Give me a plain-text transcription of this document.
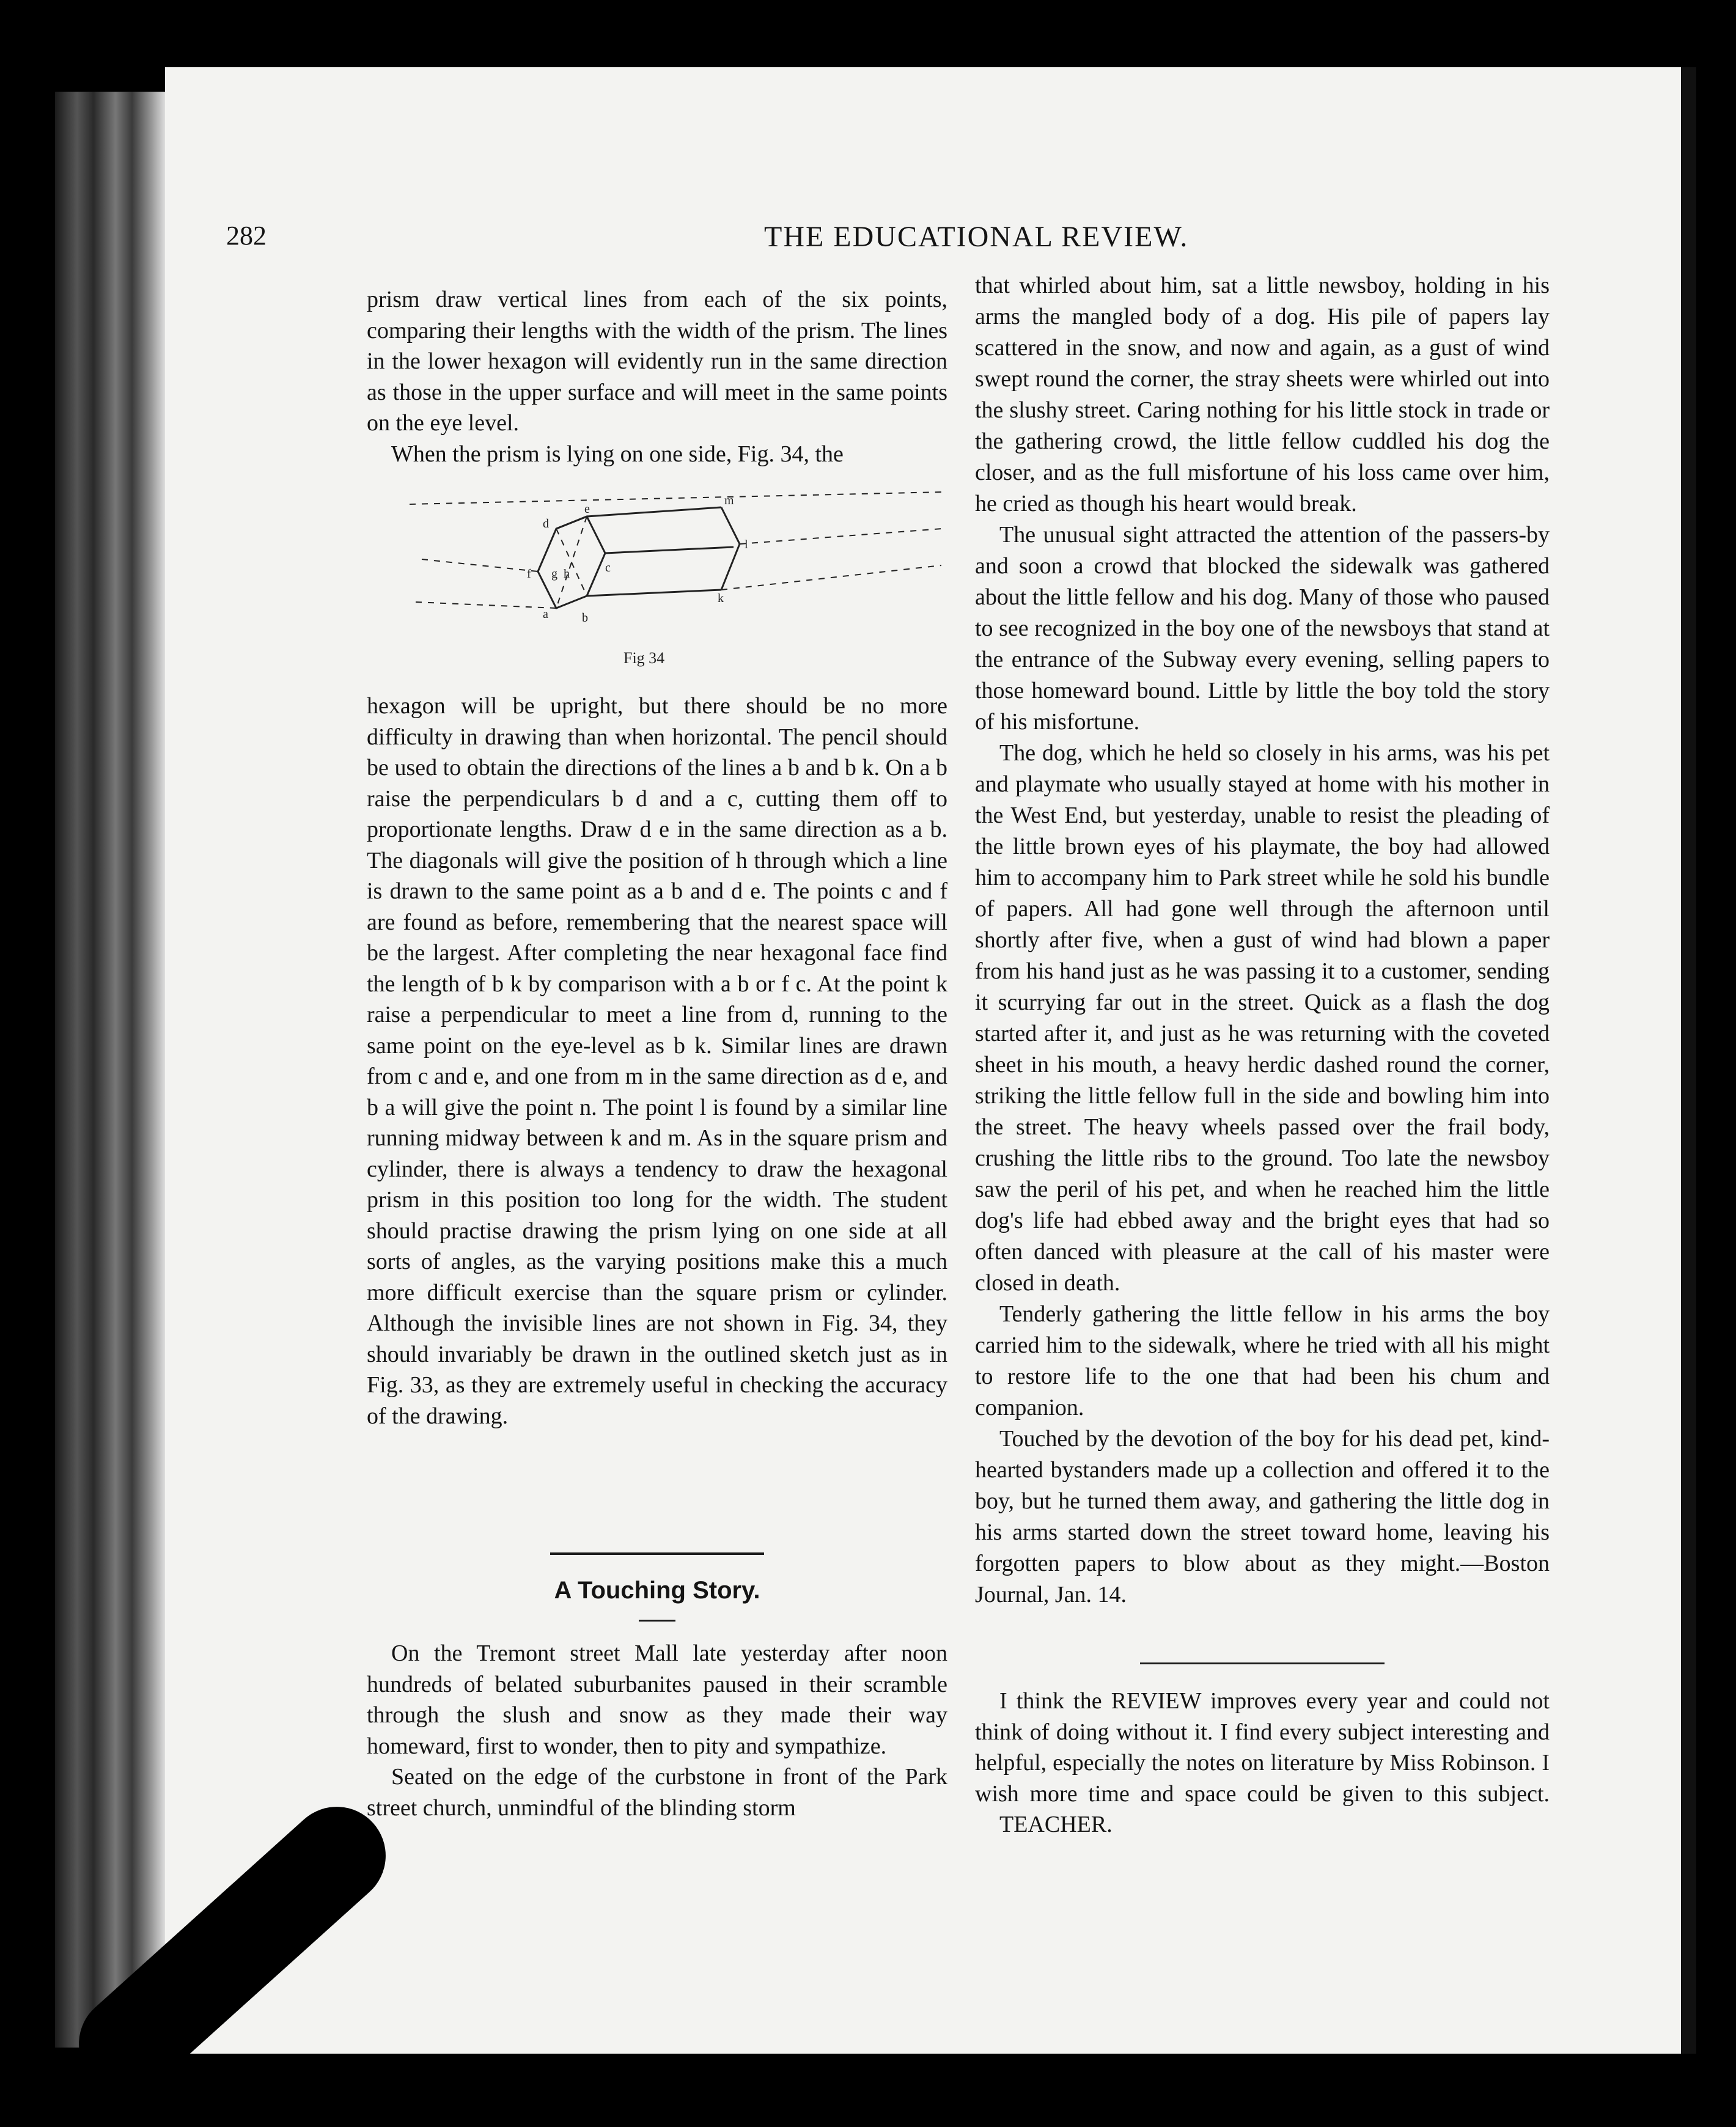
282	THE EDUCATIONAL REVIEW.

prism draw vertical lines from each of the six points, comparing their lengths with the width of the prism. The lines in the lower hexagon will evidently run in the same direction as those in the upper surface and will meet in the same points on the eye level.

When the prism is lying on one side, Fig. 34, the

d
e
f g h	c
a	b
k
l
m
Fig 34

hexagon will be upright, but there should be no more difficulty in drawing than when horizontal. The pencil should be used to obtain the directions of the lines a b and b k. On a b raise the perpendiculars b d and a c, cutting them off to proportionate lengths. Draw d e in the same direction as a b. The diagonals will give the position of h through which a line is drawn to the same point as a b and d e. The points c and f are found as before, remembering that the nearest space will be the largest. After completing the near hexagonal face find the length of b k by comparison with a b or f c. At the point k raise a perpendicular to meet a line from d, running to the same point on the eye-level as b k. Similar lines are drawn from c and e, and one from m in the same direction as d e, and b a will give the point n. The point l is found by a similar line running midway between k and m. As in the square prism and cylinder, there is always a tendency to draw the hexagonal prism in this position too long for the width. The student should practise drawing the prism lying on one side at all sorts of angles, as the varying positions make this a much more difficult exercise than the square prism or cylinder. Although the invisible lines are not shown in Fig. 34, they should invariably be drawn in the outlined sketch just as in Fig. 33, as they are extremely useful in checking the accuracy of the drawing.

A Touching Story.

On the Tremont street Mall late yesterday after noon hundreds of belated suburbanites paused in their scramble through the slush and snow as they made their way homeward, first to wonder, then to pity and sympathize.

Seated on the edge of the curbstone in front of the Park street church, unmindful of the blinding storm

that whirled about him, sat a little newsboy, holding in his arms the mangled body of a dog. His pile of papers lay scattered in the snow, and now and again, as a gust of wind swept round the corner, the stray sheets were whirled out into the slushy street. Caring nothing for his little stock in trade or the gathering crowd, the little fellow cuddled his dog the closer, and as the full misfortune of his loss came over him, he cried as though his heart would break.

The unusual sight attracted the attention of the passers-by and soon a crowd that blocked the sidewalk was gathered about the little fellow and his dog. Many of those who paused to see recognized in the boy one of the newsboys that stand at the entrance of the Subway every evening, selling papers to those homeward bound. Little by little the boy told the story of his misfortune.

The dog, which he held so closely in his arms, was his pet and playmate who usually stayed at home with his mother in the West End, but yesterday, unable to resist the pleading of the little brown eyes of his playmate, the boy had allowed him to accompany him to Park street while he sold his bundle of papers. All had gone well through the afternoon until shortly after five, when a gust of wind had blown a paper from his hand just as he was passing it to a customer, sending it scurrying far out in the street. Quick as a flash the dog started after it, and just as he was returning with the coveted sheet in his mouth, a heavy herdic dashed round the corner, striking the little fellow full in the side and bowling him into the street. The heavy wheels passed over the frail body, crushing the little ribs to the ground. Too late the newsboy saw the peril of his pet, and when he reached him the little dog's life had ebbed away and the bright eyes that had so often danced with pleasure at the call of his master were closed in death.

Tenderly gathering the little fellow in his arms the boy carried him to the sidewalk, where he tried with all his might to restore life to the one that had been his chum and companion.

Touched by the devotion of the boy for his dead pet, kind-hearted bystanders made up a collection and offered it to the boy, but he turned them away, and gathering the little dog in his arms started down the street toward home, leaving his forgotten papers to blow about as they might.—Boston Journal, Jan. 14.

I think the REVIEW improves every year and could not think of doing without it. I find every subject interesting and helpful, especially the notes on literature by Miss Robinson. I wish more time and space could be given to this subject. TEACHER.
